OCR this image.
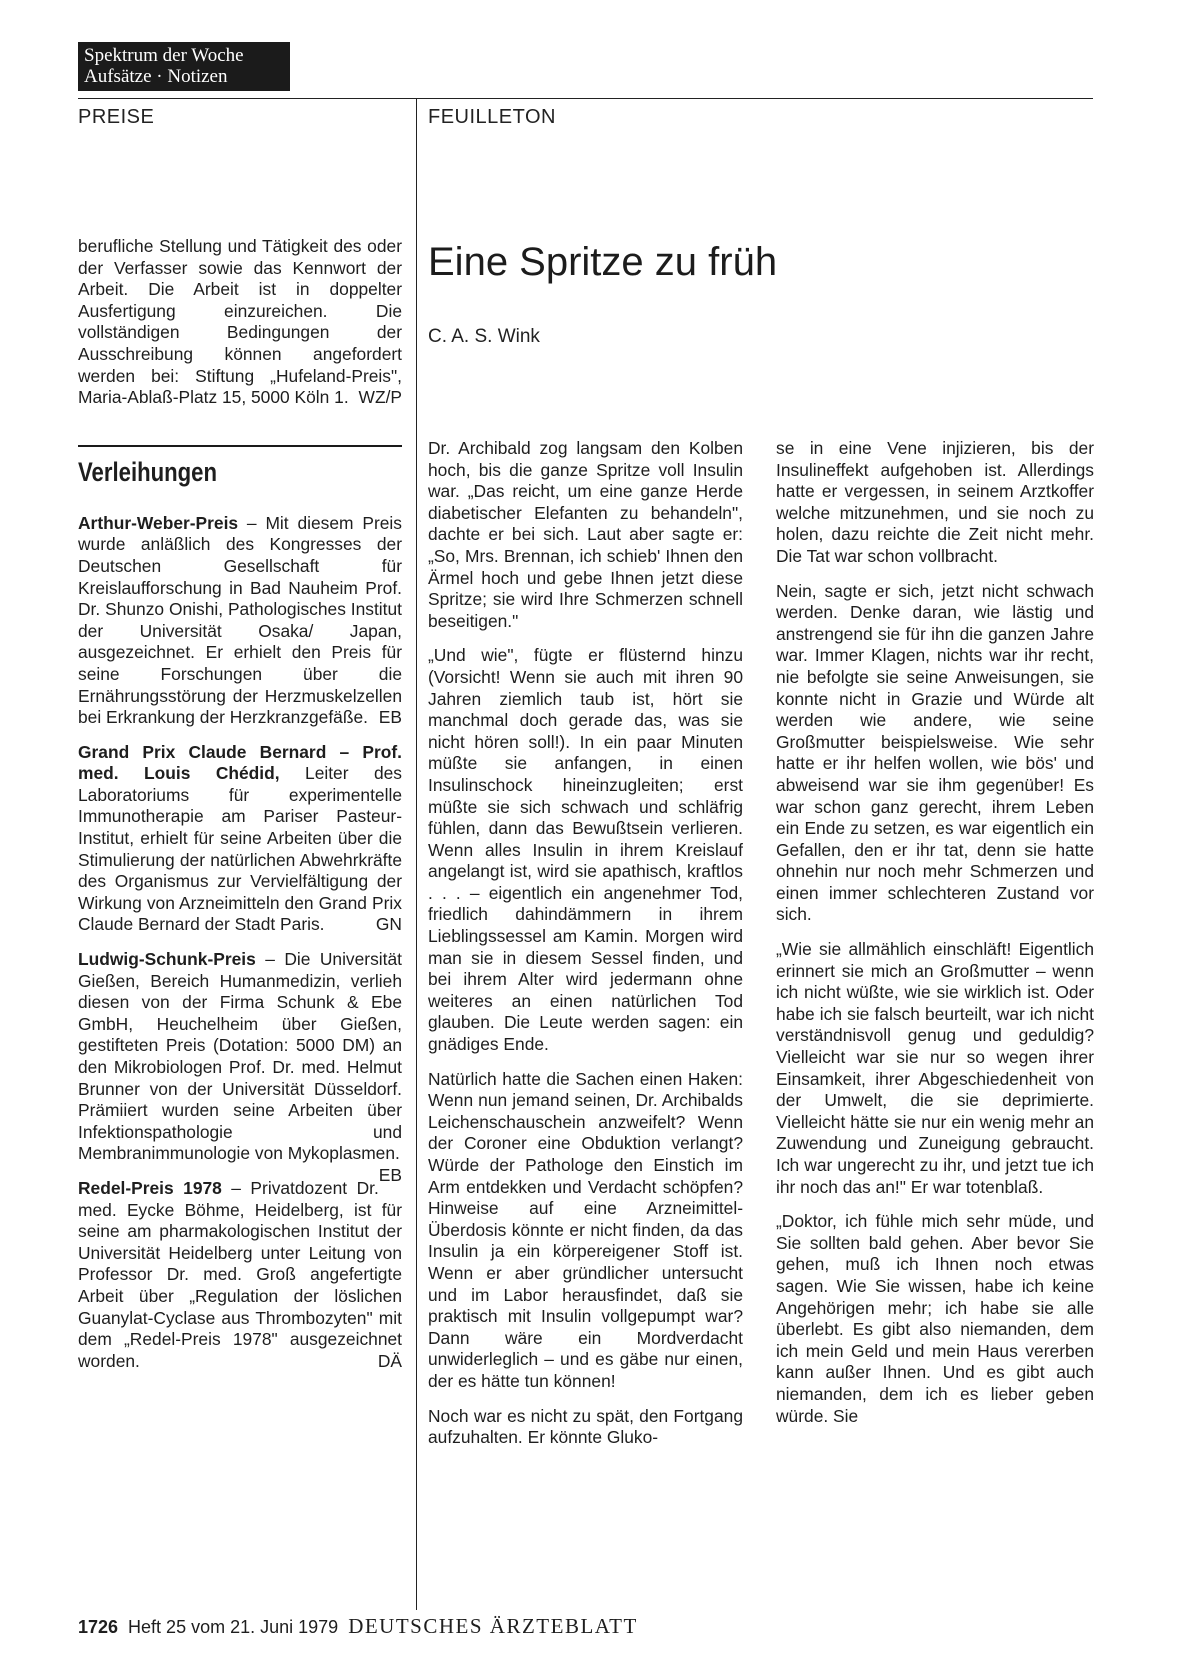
Spektrum der Woche
Aufsätze · Notizen
PREISE	FEUILLETON

berufliche Stellung und Tätigkeit des oder der Verfasser sowie das Kennwort der Arbeit. Die Arbeit ist in doppelter Ausfertigung einzureichen. Die vollständigen Bedingungen der Ausschreibung können angefordert werden bei: Stiftung „Hufeland-Preis", Maria-Ablaß-Platz 15, 5000 Köln 1. WZ/P

Verleihungen

Arthur-Weber-Preis – Mit diesem Preis wurde anläßlich des Kongresses der Deutschen Gesellschaft für Kreislaufforschung in Bad Nauheim Prof. Dr. Shunzo Onishi, Pathologisches Institut der Universität Osaka/ Japan, ausgezeichnet. Er erhielt den Preis für seine Forschungen über die Ernährungsstörung der Herzmuskelzellen bei Erkrankung der Herzkranzgefäße. EB

Grand Prix Claude Bernard – Prof. med. Louis Chédid, Leiter des Laboratoriums für experimentelle Immunotherapie am Pariser Pasteur-Institut, erhielt für seine Arbeiten über die Stimulierung der natürlichen Abwehrkräfte des Organismus zur Vervielfältigung der Wirkung von Arzneimitteln den Grand Prix Claude Bernard der Stadt Paris.	GN

Ludwig-Schunk-Preis – Die Universität Gießen, Bereich Humanmedizin, verlieh diesen von der Firma Schunk & Ebe GmbH, Heuchelheim über Gießen, gestifteten Preis (Dotation: 5000 DM) an den Mikrobiologen Prof. Dr. med. Helmut Brunner von der Universität Düsseldorf. Prämiiert wurden seine Arbeiten über Infektionspathologie und Membranimmunologie von Mykoplasmen.
EB

Redel-Preis 1978 – Privatdozent Dr. med. Eycke Böhme, Heidelberg, ist für seine am pharmakologischen Institut der Universität Heidelberg unter Leitung von Professor Dr. med. Groß angefertigte Arbeit über „Regulation der löslichen Guanylat-Cyclase aus Thrombozyten" mit dem „Redel-Preis 1978" ausgezeichnet worden.	DÄ

Eine Spritze zu früh
C. A. S. Wink

Dr. Archibald zog langsam den Kolben hoch, bis die ganze Spritze voll Insulin war. „Das reicht, um eine ganze Herde diabetischer Elefanten zu behandeln", dachte er bei sich. Laut aber sagte er: „So, Mrs. Brennan, ich schieb' Ihnen den Ärmel hoch und gebe Ihnen jetzt diese Spritze; sie wird Ihre Schmerzen schnell beseitigen."

„Und wie", fügte er flüsternd hinzu (Vorsicht! Wenn sie auch mit ihren 90 Jahren ziemlich taub ist, hört sie manchmal doch gerade das, was sie nicht hören soll!). In ein paar Minuten müßte sie anfangen, in einen Insulinschock hineinzugleiten; erst müßte sie sich schwach und schläfrig fühlen, dann das Bewußtsein verlieren. Wenn alles Insulin in ihrem Kreislauf angelangt ist, wird sie apathisch, kraftlos . . . – eigentlich ein angenehmer Tod, friedlich dahindämmern in ihrem Lieblingssessel am Kamin. Morgen wird man sie in diesem Sessel finden, und bei ihrem Alter wird jedermann ohne weiteres an einen natürlichen Tod glauben. Die Leute werden sagen: ein gnädiges Ende.

Natürlich hatte die Sachen einen Haken: Wenn nun jemand seinen, Dr. Archibalds Leichenschauschein anzweifelt? Wenn der Coroner eine Obduktion verlangt? Würde der Pathologe den Einstich im Arm entdekken und Verdacht schöpfen? Hinweise auf eine Arzneimittel-Überdosis könnte er nicht finden, da das Insulin ja ein körpereigener Stoff ist. Wenn er aber gründlicher untersucht und im Labor herausfindet, daß sie praktisch mit Insulin vollgepumpt war? Dann wäre ein Mordverdacht unwiderleglich – und es gäbe nur einen, der es hätte tun können!

Noch war es nicht zu spät, den Fortgang aufzuhalten. Er könnte Gluko-

se in eine Vene injizieren, bis der Insulineffekt aufgehoben ist. Allerdings hatte er vergessen, in seinem Arztkoffer welche mitzunehmen, und sie noch zu holen, dazu reichte die Zeit nicht mehr. Die Tat war schon vollbracht.

Nein, sagte er sich, jetzt nicht schwach werden. Denke daran, wie lästig und anstrengend sie für ihn die ganzen Jahre war. Immer Klagen, nichts war ihr recht, nie befolgte sie seine Anweisungen, sie konnte nicht in Grazie und Würde alt werden wie andere, wie seine Großmutter beispielsweise. Wie sehr hatte er ihr helfen wollen, wie bös' und abweisend war sie ihm gegenüber! Es war schon ganz gerecht, ihrem Leben ein Ende zu setzen, es war eigentlich ein Gefallen, den er ihr tat, denn sie hatte ohnehin nur noch mehr Schmerzen und einen immer schlechteren Zustand vor sich.

„Wie sie allmählich einschläft! Eigentlich erinnert sie mich an Großmutter – wenn ich nicht wüßte, wie sie wirklich ist. Oder habe ich sie falsch beurteilt, war ich nicht verständnisvoll genug und geduldig? Vielleicht war sie nur so wegen ihrer Einsamkeit, ihrer Abgeschiedenheit von der Umwelt, die sie deprimierte. Vielleicht hätte sie nur ein wenig mehr an Zuwendung und Zuneigung gebraucht. Ich war ungerecht zu ihr, und jetzt tue ich ihr noch das an!" Er war totenblaß.

„Doktor, ich fühle mich sehr müde, und Sie sollten bald gehen. Aber bevor Sie gehen, muß ich Ihnen noch etwas sagen. Wie Sie wissen, habe ich keine Angehörigen mehr; ich habe sie alle überlebt. Es gibt also niemanden, dem ich mein Geld und mein Haus vererben kann außer Ihnen. Und es gibt auch niemanden, dem ich es lieber geben würde. Sie

1726 Heft 25 vom 21. Juni 1979 DEUTSCHES ÄRZTEBLATT
